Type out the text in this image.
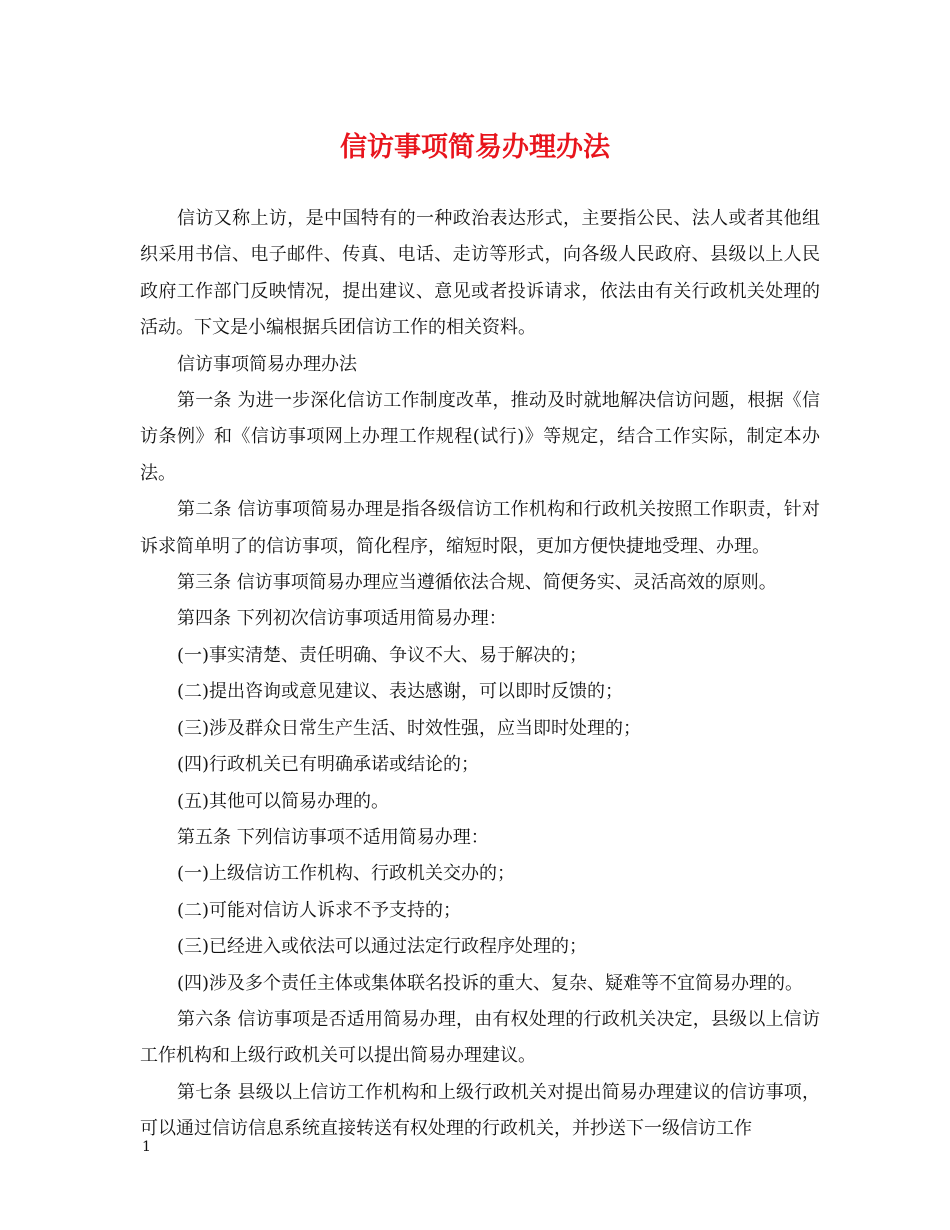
信访事项简易办理办法

信访又称上访，是中国特有的一种政治表达形式，主要指公民、法人或者其他组织采用书信、电子邮件、传真、电话、走访等形式，向各级人民政府、县级以上人民政府工作部门反映情况，提出建议、意见或者投诉请求，依法由有关行政机关处理的活动。下文是小编根据兵团信访工作的相关资料。

信访事项简易办理办法

第一条 为进一步深化信访工作制度改革，推动及时就地解决信访问题，根据《信访条例》和《信访事项网上办理工作规程(试行)》等规定，结合工作实际，制定本办法。

第二条 信访事项简易办理是指各级信访工作机构和行政机关按照工作职责，针对诉求简单明了的信访事项，简化程序，缩短时限，更加方便快捷地受理、办理。

第三条 信访事项简易办理应当遵循依法合规、简便务实、灵活高效的原则。

第四条 下列初次信访事项适用简易办理：

(一)事实清楚、责任明确、争议不大、易于解决的；

(二)提出咨询或意见建议、表达感谢，可以即时反馈的；

(三)涉及群众日常生产生活、时效性强，应当即时处理的；

(四)行政机关已有明确承诺或结论的；

(五)其他可以简易办理的。

第五条 下列信访事项不适用简易办理：

(一)上级信访工作机构、行政机关交办的；

(二)可能对信访人诉求不予支持的；

(三)已经进入或依法可以通过法定行政程序处理的；

(四)涉及多个责任主体或集体联名投诉的重大、复杂、疑难等不宜简易办理的。

第六条 信访事项是否适用简易办理，由有权处理的行政机关决定，县级以上信访工作机构和上级行政机关可以提出简易办理建议。

第七条 县级以上信访工作机构和上级行政机关对提出简易办理建议的信访事项，可以通过信访信息系统直接转送有权处理的行政机关，并抄送下一级信访工作

1
